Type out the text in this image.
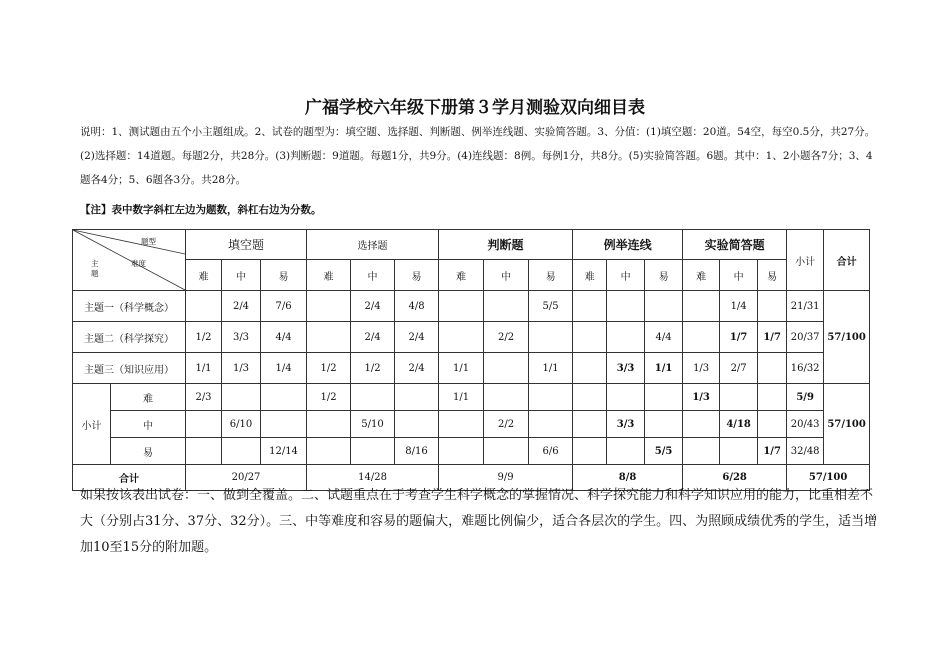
广福学校六年级下册第３学月测验双向细目表
说明：1、测试题由五个小主题组成。2、试卷的题型为：填空题、选择题、判断题、例举连线题、实验简答题。3、分值：(1)填空题：20道。54空，每空0.5分，共27分。(2)选择题：14道题。每题2分，共28分。(3)判断题：9道题。每题1分，共9分。(4)连线题：8例。每例1分，共8分。(5)实验简答题。6题。其中：1、2小题各7分；3、4题各4分；5、6题各3分。共28分。
【注】表中数字斜杠左边为题数，斜杠右边为分数。
题型
难度
主
题		填空题			选择题			判断题			例举连线			实验简答题			小计	合计
		难	中	易	难	中	易	难	中	易	难	中	易	难	中	易		
主题一（科学概念）			2/4	7/6		2/4	4/8			5/5					1/4		21/31	57/100
主题二（科学探究）		1/2	3/3	4/4		2/4	2/4		2/2				4/4		1/7	1/7	20/37	
主题三（知识应用）		1/1	1/3	1/4	1/2	1/2	2/4	1/1		1/1		3/3	1/1	1/3	2/7		16/32	
小计	难	2/3			1/2			1/1						1/3			5/9	57/100
	中		6/10			5/10			2/2			3/3			4/18		20/43	
	易			12/14			8/16			6/6			5/5			1/7	32/48	
合计		20/27			14/28			9/9			8/8			6/28			57/100	
如果按该表出试卷：一、做到全覆盖。二、试题重点在于考查学生科学概念的掌握情况、科学探究能力和科学知识应用的能力，比重相差不大（分别占31分、37分、32分）。三、中等难度和容易的题偏大，难题比例偏少，适合各层次的学生。四、为照顾成绩优秀的学生，适当增加10至15分的附加题。
